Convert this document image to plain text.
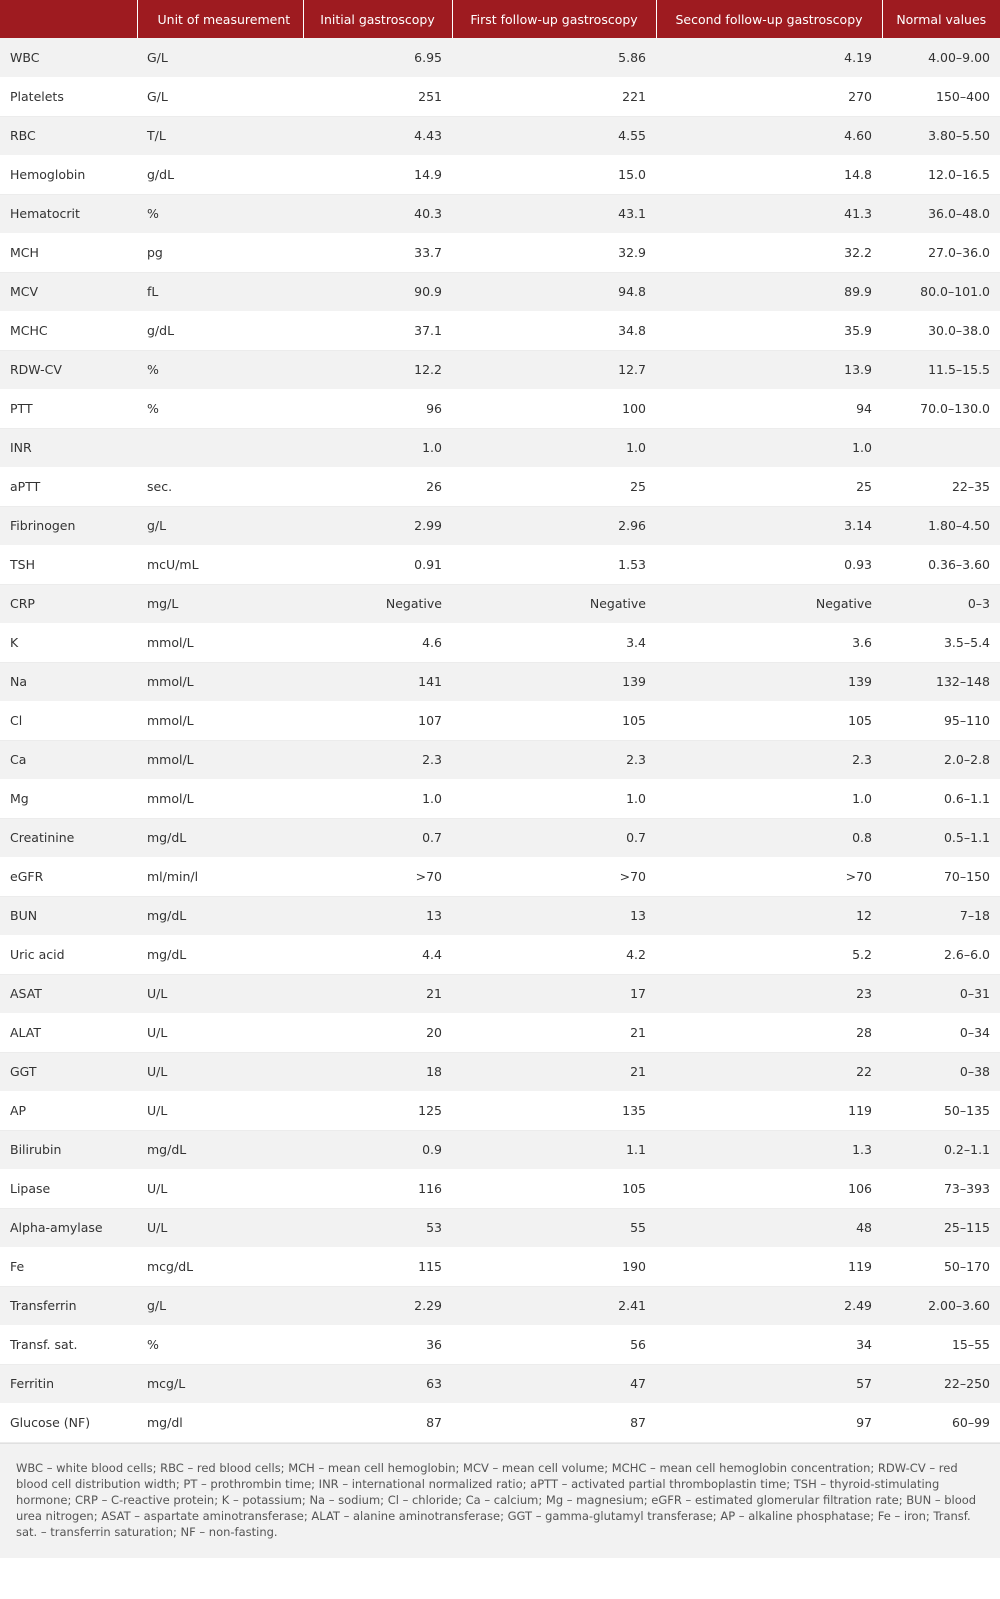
	Unit of measurement	Initial gastroscopy	First follow-up gastroscopy	Second follow-up gastroscopy	Normal values
WBC	G/L	6.95	5.86	4.19	4.00–9.00
Platelets	G/L	251	221	270	150–400
RBC	T/L	4.43	4.55	4.60	3.80–5.50
Hemoglobin	g/dL	14.9	15.0	14.8	12.0–16.5
Hematocrit	%	40.3	43.1	41.3	36.0–48.0
MCH	pg	33.7	32.9	32.2	27.0–36.0
MCV	fL	90.9	94.8	89.9	80.0–101.0
MCHC	g/dL	37.1	34.8	35.9	30.0–38.0
RDW-CV	%	12.2	12.7	13.9	11.5–15.5
PTT	%	96	100	94	70.0–130.0
INR		1.0	1.0	1.0	
aPTT	sec.	26	25	25	22–35
Fibrinogen	g/L	2.99	2.96	3.14	1.80–4.50
TSH	mcU/mL	0.91	1.53	0.93	0.36–3.60
CRP	mg/L	Negative	Negative	Negative	0–3
K	mmol/L	4.6	3.4	3.6	3.5–5.4
Na	mmol/L	141	139	139	132–148
Cl	mmol/L	107	105	105	95–110
Ca	mmol/L	2.3	2.3	2.3	2.0–2.8
Mg	mmol/L	1.0	1.0	1.0	0.6–1.1
Creatinine	mg/dL	0.7	0.7	0.8	0.5–1.1
eGFR	ml/min/l	>70	>70	>70	70–150
BUN	mg/dL	13	13	12	7–18
Uric acid	mg/dL	4.4	4.2	5.2	2.6–6.0
ASAT	U/L	21	17	23	0–31
ALAT	U/L	20	21	28	0–34
GGT	U/L	18	21	22	0–38
AP	U/L	125	135	119	50–135
Bilirubin	mg/dL	0.9	1.1	1.3	0.2–1.1
Lipase	U/L	116	105	106	73–393
Alpha-amylase	U/L	53	55	48	25–115
Fe	mcg/dL	115	190	119	50–170
Transferrin	g/L	2.29	2.41	2.49	2.00–3.60
Transf. sat.	%	36	56	34	15–55
Ferritin	mcg/L	63	47	57	22–250
Glucose (NF)	mg/dl	87	87	97	60–99
WBC – white blood cells; RBC – red blood cells; MCH – mean cell hemoglobin; MCV – mean cell volume; MCHC – mean cell hemoglobin concentration; RDW-CV – red blood cell distribution width; PT – prothrombin time; INR – international normalized ratio; aPTT – activated partial thromboplastin time; TSH – thyroid-stimulating hormone; CRP – C-reactive protein; K – potassium; Na – sodium; Cl – chloride; Ca – calcium; Mg – magnesium; eGFR – estimated glomerular filtration rate; BUN – blood urea nitrogen; ASAT – aspartate aminotransferase; ALAT – alanine aminotransferase; GGT – gamma-glutamyl transferase; AP – alkaline phosphatase; Fe – iron; Transf. sat. – transferrin saturation; NF – non-fasting.
